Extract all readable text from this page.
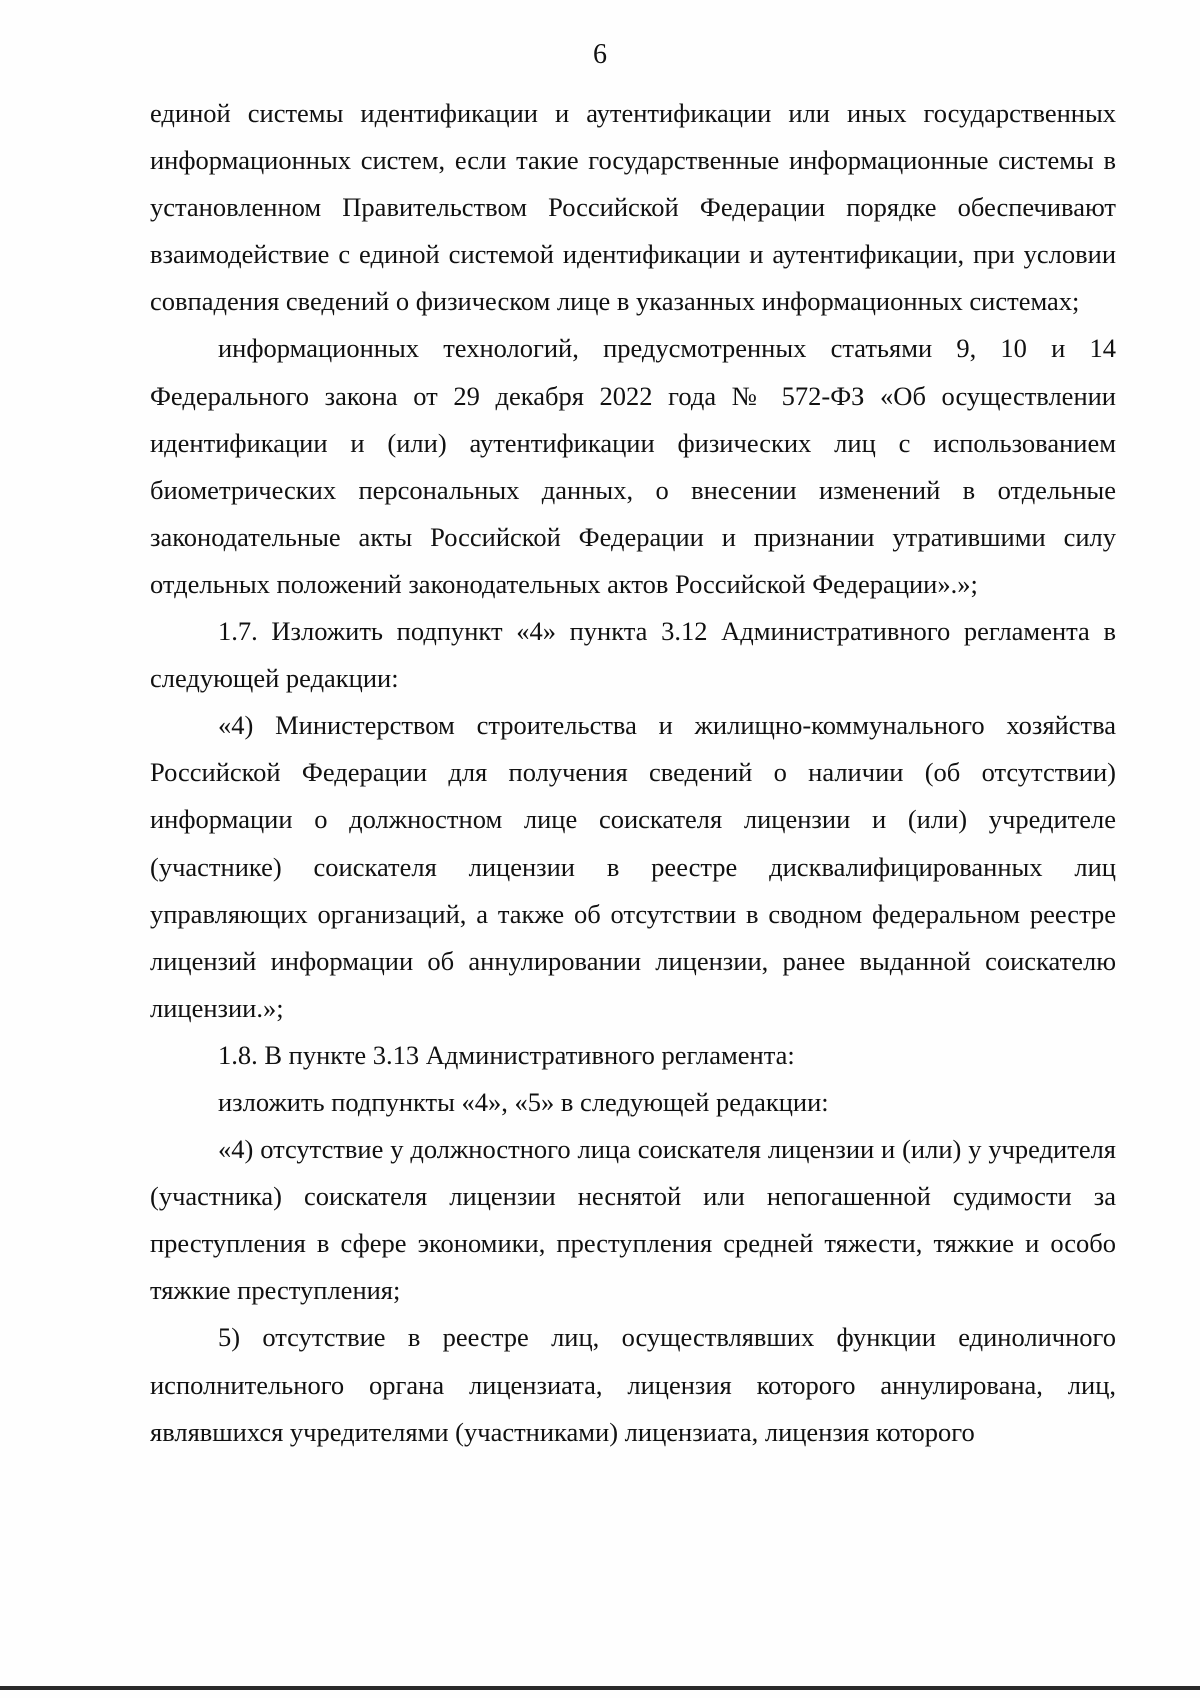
6

единой системы идентификации и аутентификации или иных государственных информационных систем, если такие государственные информационные системы в установленном Правительством Российской Федерации порядке обеспечивают взаимодействие с единой системой идентификации и аутентификации, при условии совпадения сведений о физическом лице в указанных информационных системах;

информационных технологий, предусмотренных статьями 9, 10 и 14 Федерального закона от 29 декабря 2022 года № 572-ФЗ «Об осуществлении идентификации и (или) аутентификации физических лиц с использованием биометрических персональных данных, о внесении изменений в отдельные законодательные акты Российской Федерации и признании утратившими силу отдельных положений законодательных актов Российской Федерации».»;

1.7. Изложить подпункт «4» пункта 3.12 Административного регламента в следующей редакции:

«4) Министерством строительства и жилищно-коммунального хозяйства Российской Федерации для получения сведений о наличии (об отсутствии) информации о должностном лице соискателя лицензии и (или) учредителе (участнике) соискателя лицензии в реестре дисквалифицированных лиц управляющих организаций, а также об отсутствии в сводном федеральном реестре лицензий информации об аннулировании лицензии, ранее выданной соискателю лицензии.»;

1.8. В пункте 3.13 Административного регламента:

изложить подпункты «4», «5» в следующей редакции:

«4) отсутствие у должностного лица соискателя лицензии и (или) у учредителя (участника) соискателя лицензии неснятой или непогашенной судимости за преступления в сфере экономики, преступления средней тяжести, тяжкие и особо тяжкие преступления;

5) отсутствие в реестре лиц, осуществлявших функции единоличного исполнительного органа лицензиата, лицензия которого аннулирована, лиц, являвшихся учредителями (участниками) лицензиата, лицензия которого
